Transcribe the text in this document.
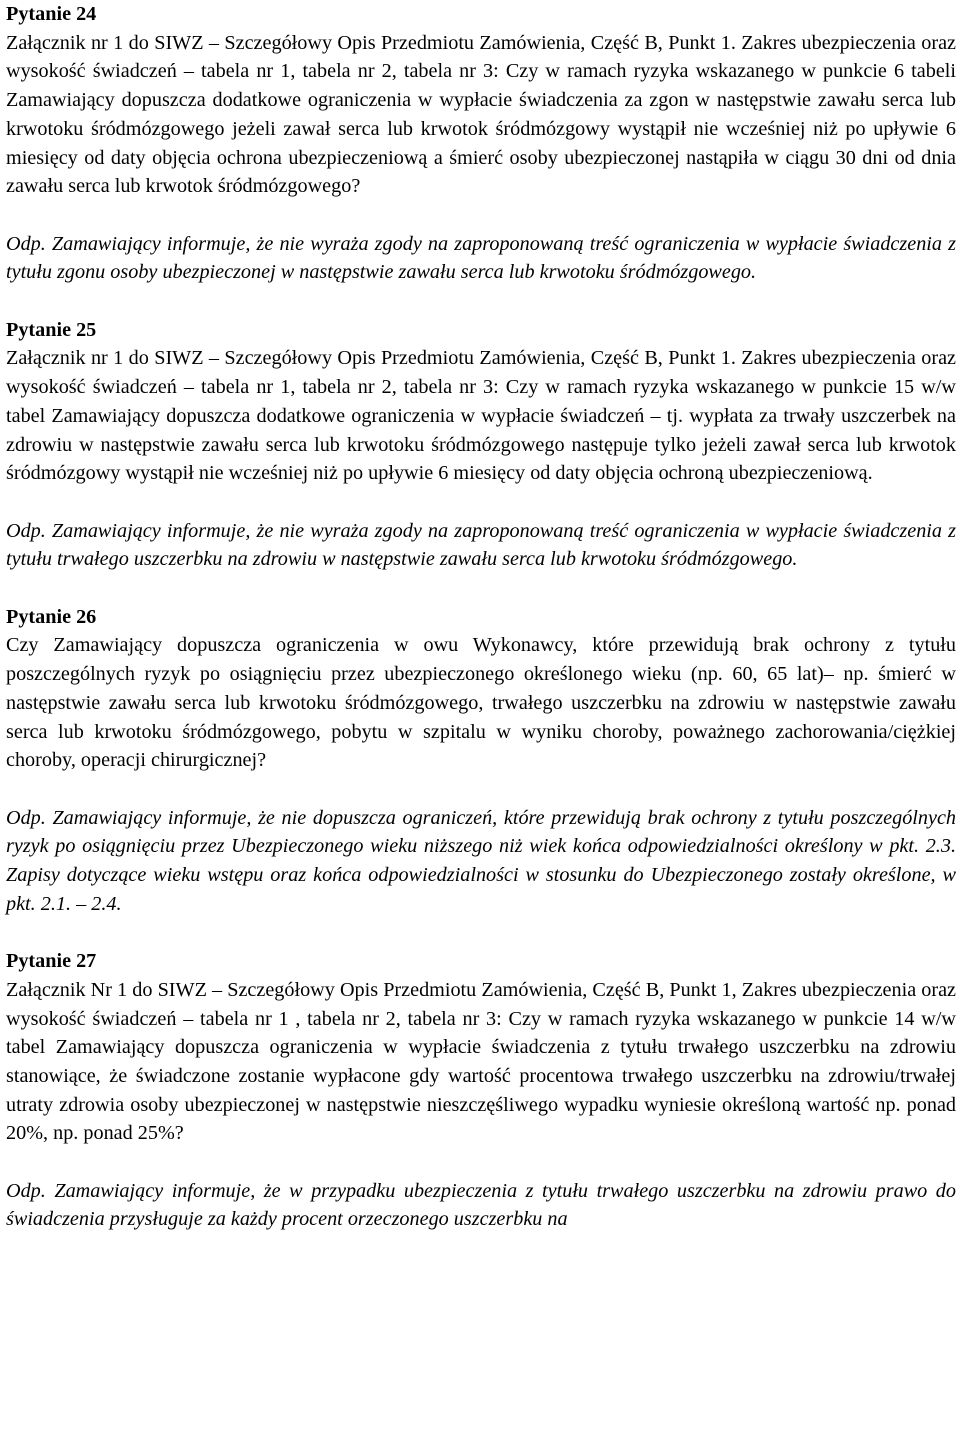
Pytanie 24

Załącznik nr 1 do SIWZ – Szczegółowy Opis Przedmiotu Zamówienia, Część B, Punkt 1. Zakres ubezpieczenia oraz wysokość świadczeń – tabela nr 1, tabela nr 2, tabela nr 3: Czy w ramach ryzyka wskazanego w punkcie 6 tabeli Zamawiający dopuszcza dodatkowe ograniczenia w wypłacie świadczenia za zgon w następstwie zawału serca lub krwotoku śródmózgowego jeżeli zawał serca lub krwotok śródmózgowy wystąpił nie wcześniej niż po upływie 6 miesięcy od daty objęcia ochrona ubezpieczeniową a śmierć osoby ubezpieczonej nastąpiła w ciągu 30 dni od dnia zawału serca lub krwotok śródmózgowego?

Odp. Zamawiający informuje, że nie wyraża zgody na zaproponowaną treść ograniczenia w wypłacie świadczenia z tytułu zgonu osoby ubezpieczonej w następstwie zawału serca lub krwotoku śródmózgowego.

Pytanie 25

Załącznik nr 1 do SIWZ – Szczegółowy Opis Przedmiotu Zamówienia, Część B, Punkt 1. Zakres ubezpieczenia oraz wysokość świadczeń – tabela nr 1, tabela nr 2, tabela nr 3: Czy w ramach ryzyka wskazanego w punkcie 15 w/w tabel Zamawiający dopuszcza dodatkowe ograniczenia w wypłacie świadczeń – tj. wypłata za trwały uszczerbek na zdrowiu w następstwie zawału serca lub krwotoku śródmózgowego następuje tylko jeżeli zawał serca lub krwotok śródmózgowy wystąpił nie wcześniej niż po upływie 6 miesięcy od daty objęcia ochroną ubezpieczeniową.

Odp. Zamawiający informuje, że nie wyraża zgody na zaproponowaną treść ograniczenia w wypłacie świadczenia z tytułu trwałego uszczerbku na zdrowiu w następstwie zawału serca lub krwotoku śródmózgowego.

Pytanie 26

Czy Zamawiający dopuszcza ograniczenia w owu Wykonawcy, które przewidują brak ochrony z tytułu poszczególnych ryzyk po osiągnięciu przez ubezpieczonego określonego wieku (np. 60, 65 lat)– np. śmierć w następstwie zawału serca lub krwotoku śródmózgowego, trwałego uszczerbku na zdrowiu w następstwie zawału serca lub krwotoku śródmózgowego, pobytu w szpitalu w wyniku choroby, poważnego zachorowania/ciężkiej choroby, operacji chirurgicznej?

Odp. Zamawiający informuje, że nie dopuszcza ograniczeń, które przewidują brak ochrony z tytułu poszczególnych ryzyk po osiągnięciu przez Ubezpieczonego wieku niższego niż wiek końca odpowiedzialności określony w pkt. 2.3. Zapisy dotyczące wieku wstępu oraz końca odpowiedzialności w stosunku do Ubezpieczonego zostały określone, w pkt. 2.1. – 2.4.

Pytanie 27

Załącznik Nr 1 do SIWZ – Szczegółowy Opis Przedmiotu Zamówienia, Część B, Punkt 1, Zakres ubezpieczenia oraz wysokość świadczeń – tabela nr 1 , tabela nr 2, tabela nr 3: Czy w ramach ryzyka wskazanego w punkcie 14 w/w tabel Zamawiający dopuszcza ograniczenia w wypłacie świadczenia z tytułu trwałego uszczerbku na zdrowiu stanowiące, że świadczone zostanie wypłacone gdy wartość procentowa trwałego uszczerbku na zdrowiu/trwałej utraty zdrowia osoby ubezpieczonej w następstwie nieszczęśliwego wypadku wyniesie określoną wartość np. ponad 20%, np. ponad 25%?

Odp. Zamawiający informuje, że w przypadku ubezpieczenia z tytułu trwałego uszczerbku na zdrowiu prawo do świadczenia przysługuje za każdy procent orzeczonego uszczerbku na
